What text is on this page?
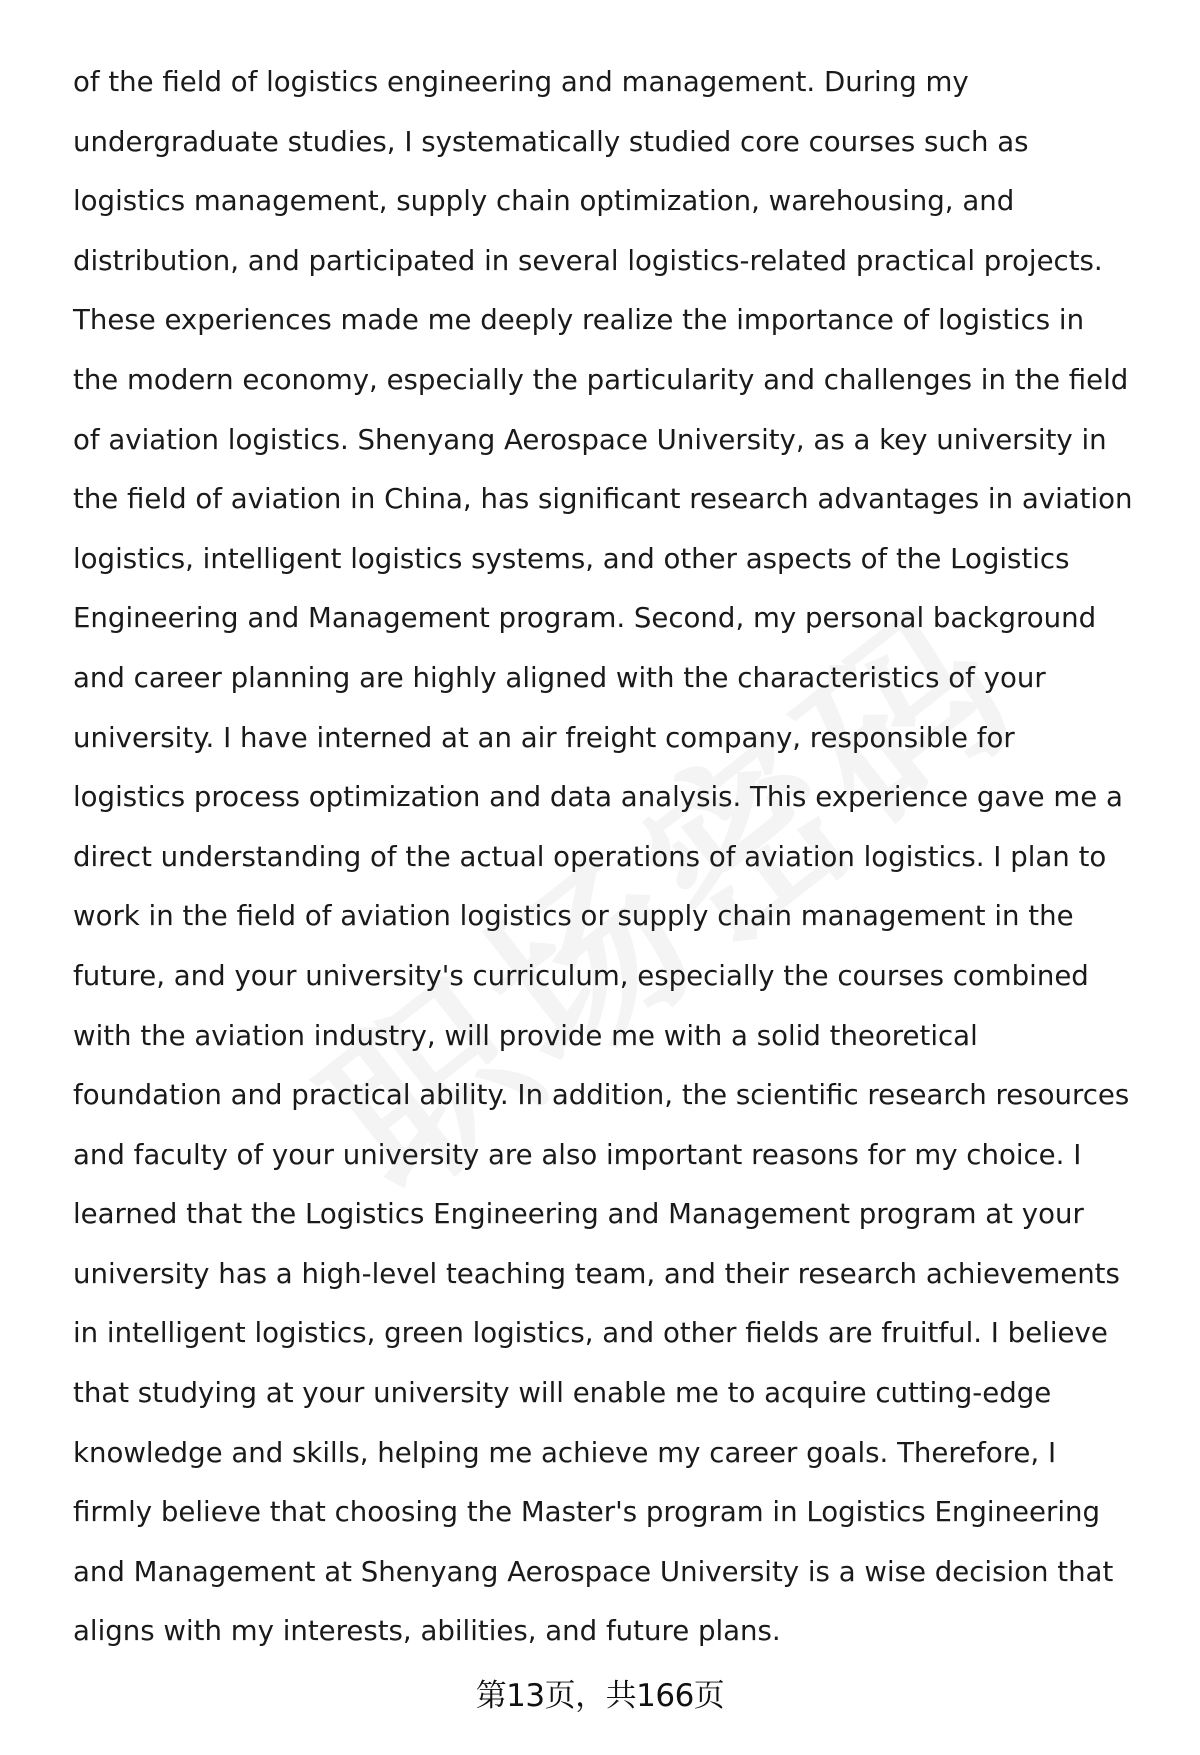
of the field of logistics engineering and management. During my
undergraduate studies, I systematically studied core courses such as
logistics management, supply chain optimization, warehousing, and
distribution, and participated in several logistics-related practical projects.
These experiences made me deeply realize the importance of logistics in
the modern economy, especially the particularity and challenges in the field
of aviation logistics. Shenyang Aerospace University, as a key university in
the field of aviation in China, has significant research advantages in aviation
logistics, intelligent logistics systems, and other aspects of the Logistics
Engineering and Management program. Second, my personal background
and career planning are highly aligned with the characteristics of your
university. I have interned at an air freight company, responsible for
logistics process optimization and data analysis. This experience gave me a
direct understanding of the actual operations of aviation logistics. I plan to
work in the field of aviation logistics or supply chain management in the
future, and your university's curriculum, especially the courses combined
with the aviation industry, will provide me with a solid theoretical
foundation and practical ability. In addition, the scientific research resources
and faculty of your university are also important reasons for my choice. I
learned that the Logistics Engineering and Management program at your
university has a high-level teaching team, and their research achievements
in intelligent logistics, green logistics, and other fields are fruitful. I believe
that studying at your university will enable me to acquire cutting-edge
knowledge and skills, helping me achieve my career goals. Therefore, I
firmly believe that choosing the Master's program in Logistics Engineering
and Management at Shenyang Aerospace University is a wise decision that
aligns with my interests, abilities, and future plans.
第13页，共166页
